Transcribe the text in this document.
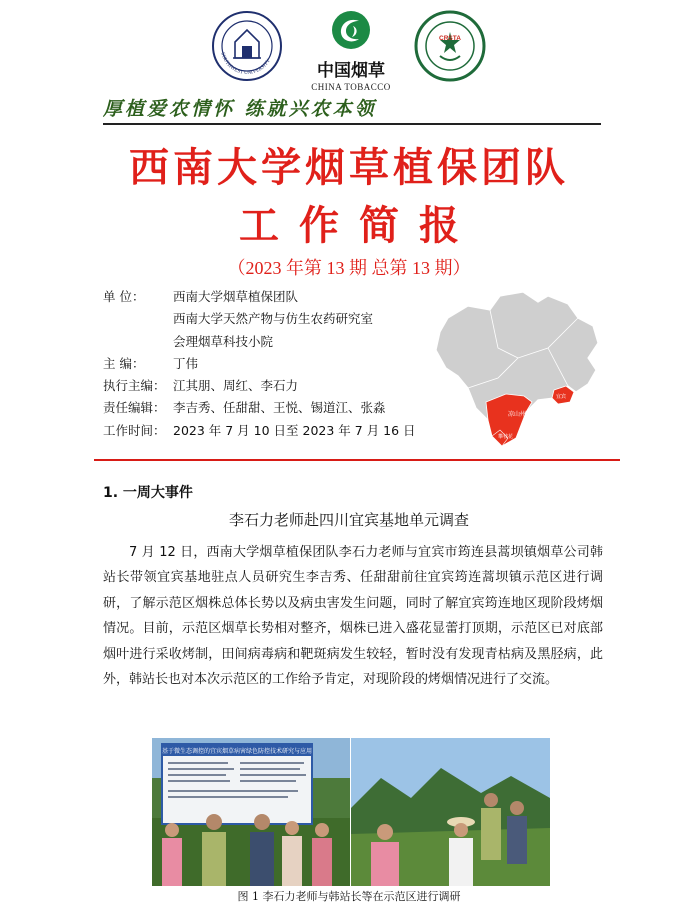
SOUTHWEST UNIVERSITY	中国烟草
CHINA TOBACCO
CRSTA
厚植爱农情怀 练就兴农本领
西南大学烟草植保团队
工作简报
（2023 年第 13 期 总第 13 期）
单 位：	西南大学烟草植保团队
西南大学天然产物与仿生农药研究室
会理烟草科技小院
主 编：	丁伟
执行主编： 江其朋、周红、李石力
责任编辑： 李吉秀、任甜甜、王悦、锡道江、张淼
工作时间： 2023 年 7 月 10 日至 2023 年 7 月 16 日
凉山州
攀枝花
宜宾
1. 一周大事件
李石力老师赴四川宜宾基地单元调查
7 月 12 日，西南大学烟草植保团队李石力老师与宜宾市筠连县蒿坝镇烟草公司韩站长带领宜宾基地驻点人员研究生李吉秀、任甜甜前往宜宾筠连蒿坝镇示范区进行调研，了解示范区烟株总体长势以及病虫害发生问题，同时了解宜宾筠连地区现阶段烤烟情况。目前，示范区烟草长势相对整齐，烟株已进入盛花显蕾打顶期，示范区已对底部烟叶进行采收烤制，田间病毒病和靶斑病发生较轻，暂时没有发现青枯病及黑胫病，此外，韩站长也对本次示范区的工作给予肯定，对现阶段的烤烟情况进行了交流。
基于微生态调控的宜宾烟草病害绿色防控技术研究与应用
图 1 李石力老师与韩站长等在示范区进行调研
